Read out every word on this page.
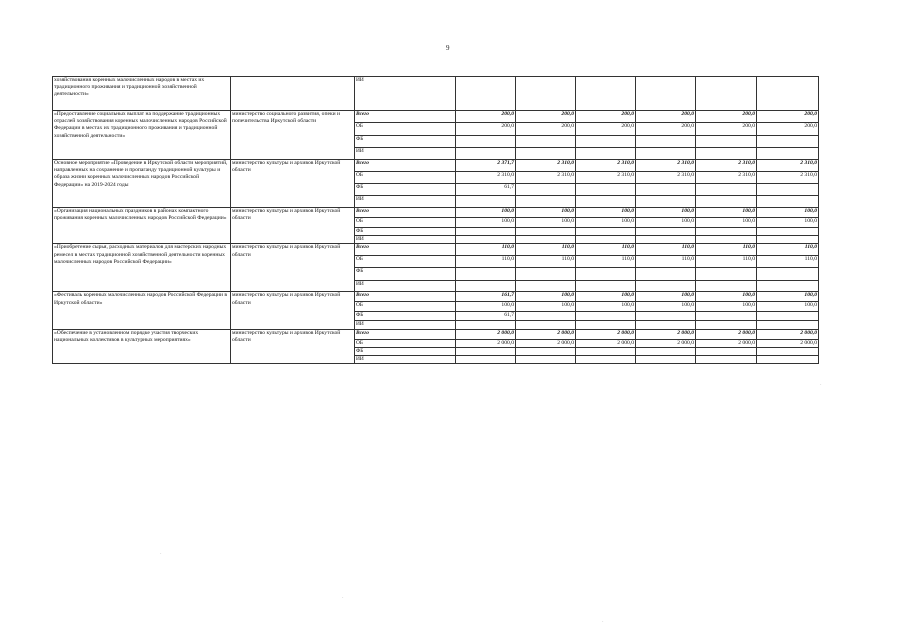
9
хозяйствования коренных малочисленных народов в местах их традиционного проживания и традиционной хозяйственной деятельности»		ИИ						
«Предоставление социальных выплат на поддержание традиционных отраслей хозяйствования коренных малочисленных народов Российской Федерации в местах их традиционного проживания и традиционной хозяйственной деятельности»	министерство социального развития, опеки и попечительства Иркутской области	Всего	200,0	200,0	200,0	200,0	200,0	200,0
		ОБ	200,0	200,0	200,0	200,0	200,0	200,0
		ФБ						
		ИИ						
Основное мероприятие «Проведение в Иркутской области мероприятий, направленных на сохранение и пропаганду традиционной культуры и образа жизни коренных малочисленных народов Российской Федерации» на 2019-2024 годы	министерство культуры и архивов Иркутской области	Всего	2 371,7	2 310,0	2 310,0	2 310,0	2 310,0	2 310,0
		ОБ	2 310,0	2 310,0	2 310,0	2 310,0	2 310,0	2 310,0
		ФБ	61,7					
		ИИ						
«Организация национальных праздников в районах компактного проживания коренных малочисленных народов Российской Федерации»	министерство культуры и архивов Иркутской области	Всего	100,0	100,0	100,0	100,0	100,0	100,0
		ОБ	100,0	100,0	100,0	100,0	100,0	100,0
		ФБ						
		ИИ						
«Приобретение сырья, расходных материалов для мастерских народных ремесел в местах традиционной хозяйственной деятельности коренных малочисленных народов Российской Федерации»	министерство культуры и архивов Иркутской области	Всего	110,0	110,0	110,0	110,0	110,0	110,0
		ОБ	110,0	110,0	110,0	110,0	110,0	110,0
		ФБ						
		ИИ						
«Фестиваль коренных малочисленных народов Российской Федерации в Иркутской области»	министерство культуры и архивов Иркутской области	Всего	161,7	100,0	100,0	100,0	100,0	100,0
		ОБ	100,0	100,0	100,0	100,0	100,0	100,0
		ФБ	61,7					
		ИИ						
«Обеспечение в установленном порядке участия творческих национальных коллективов в культурных мероприятиях»	министерство культуры и архивов Иркутской области	Всего	2 000,0	2 000,0	2 000,0	2 000,0	2 000,0	2 000,0
		ОБ	2 000,0	2 000,0	2 000,0	2 000,0	2 000,0	2 000,0
		ФБ						
		ИИ						
·
·
·
·
